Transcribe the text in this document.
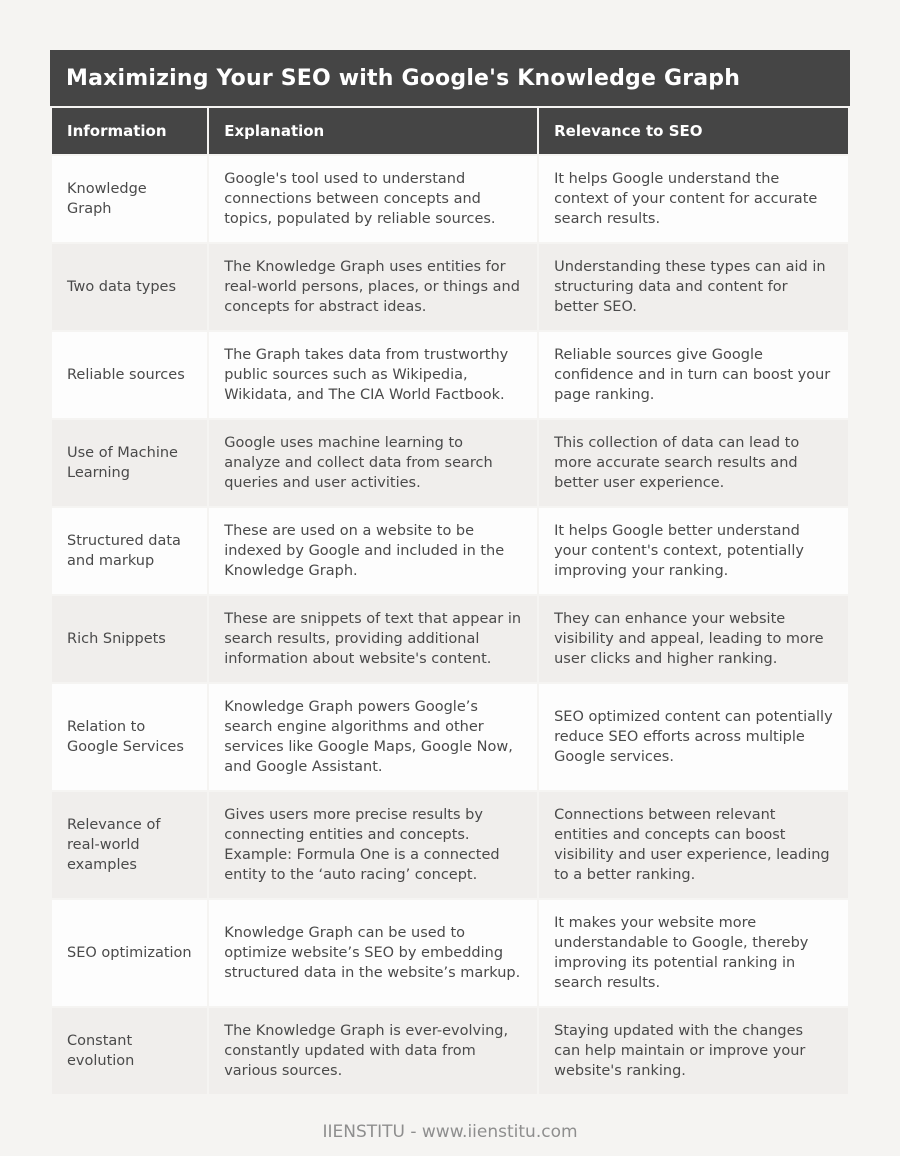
Maximizing Your SEO with Google's Knowledge Graph
Information	Explanation	Relevance to SEO
Knowledge Graph	Google's tool used to understand connections between concepts and topics, populated by reliable sources.	It helps Google understand the context of your content for accurate search results.
Two data types	The Knowledge Graph uses entities for real-world persons, places, or things and concepts for abstract ideas.	Understanding these types can aid in structuring data and content for better SEO.
Reliable sources	The Graph takes data from trustworthy public sources such as Wikipedia, Wikidata, and The CIA World Factbook.	Reliable sources give Google confidence and in turn can boost your page ranking.
Use of Machine Learning	Google uses machine learning to analyze and collect data from search queries and user activities.	This collection of data can lead to more accurate search results and better user experience.
Structured data and markup	These are used on a website to be indexed by Google and included in the Knowledge Graph.	It helps Google better understand your content's context, potentially improving your ranking.
Rich Snippets	These are snippets of text that appear in search results, providing additional information about website's content.	They can enhance your website visibility and appeal, leading to more user clicks and higher ranking.
Relation to Google Services	Knowledge Graph powers Google’s search engine algorithms and other services like Google Maps, Google Now, and Google Assistant.	SEO optimized content can potentially reduce SEO efforts across multiple Google services.
Relevance of real-world examples	Gives users more precise results by connecting entities and concepts. Example: Formula One is a connected entity to the ‘auto racing’ concept.	Connections between relevant entities and concepts can boost visibility and user experience, leading to a better ranking.
SEO optimization	Knowledge Graph can be used to optimize website’s SEO by embedding structured data in the website’s markup.	It makes your website more understandable to Google, thereby improving its potential ranking in search results.
Constant evolution	The Knowledge Graph is ever-evolving, constantly updated with data from various sources.	Staying updated with the changes can help maintain or improve your website's ranking.
IIENSTITU - www.iienstitu.com
